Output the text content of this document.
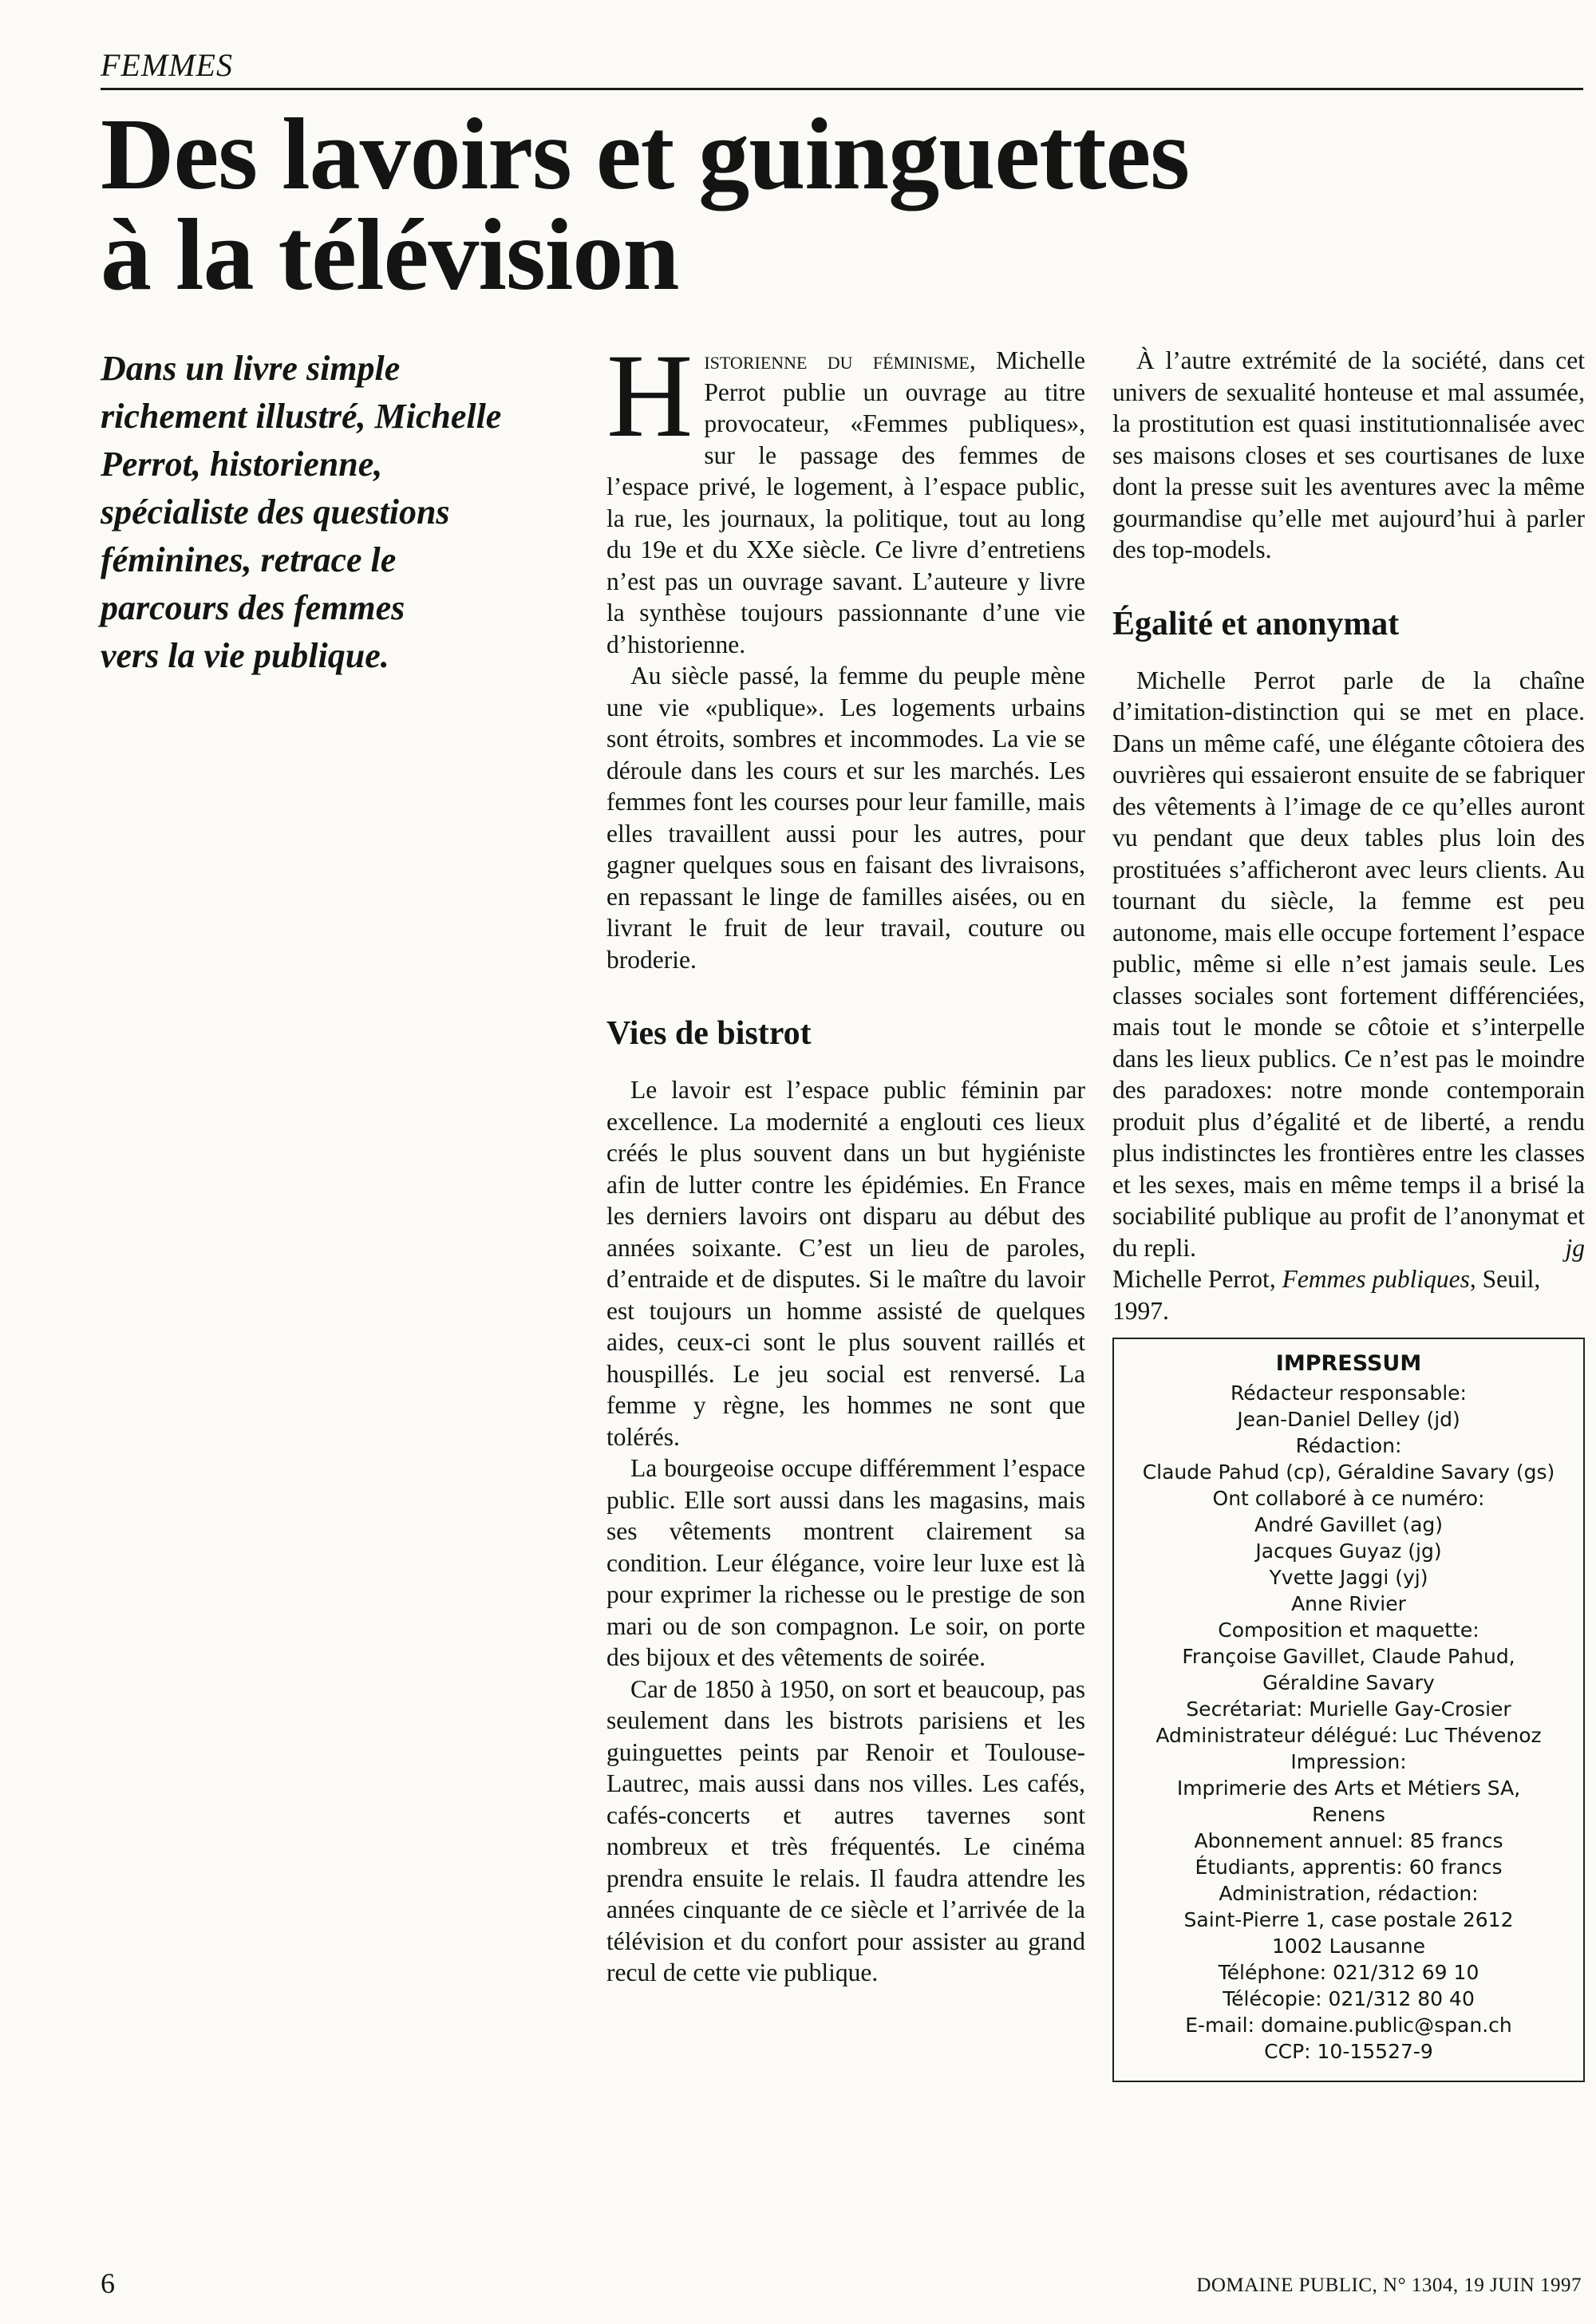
FEMMES
Des lavoirs et guinguettes
à la télévision
Dans un livre simple
richement illustré, Michelle
Perrot, historienne,
spécialiste des questions
féminines, retrace le
parcours des femmes
vers la vie publique.

Historienne du féminisme, Michelle Perrot publie un ouvrage au titre provocateur, «Femmes publiques», sur le passage des femmes de l’espace privé, le logement, à l’espace public, la rue, les journaux, la politique, tout au long du 19e et du XXe siècle. Ce livre d’entretiens n’est pas un ouvrage savant. L’auteure y livre la synthèse toujours passionnante d’une vie d’historienne.

Au siècle passé, la femme du peuple mène une vie «publique». Les logements urbains sont étroits, sombres et incommodes. La vie se déroule dans les cours et sur les marchés. Les femmes font les courses pour leur famille, mais elles travaillent aussi pour les autres, pour gagner quelques sous en faisant des livraisons, en repassant le linge de familles aisées, ou en livrant le fruit de leur travail, couture ou broderie.

Vies de bistrot

Le lavoir est l’espace public féminin par excellence. La modernité a englouti ces lieux créés le plus souvent dans un but hygiéniste afin de lutter contre les épidémies. En France les derniers lavoirs ont disparu au début des années soixante. C’est un lieu de paroles, d’entraide et de disputes. Si le maître du lavoir est toujours un homme assisté de quelques aides, ceux-ci sont le plus souvent raillés et houspillés. Le jeu social est renversé. La femme y règne, les hommes ne sont que tolérés.

La bourgeoise occupe différemment l’espace public. Elle sort aussi dans les magasins, mais ses vêtements montrent clairement sa condition. Leur élégance, voire leur luxe est là pour exprimer la richesse ou le prestige de son mari ou de son compagnon. Le soir, on porte des bijoux et des vêtements de soirée.

Car de 1850 à 1950, on sort et beaucoup, pas seulement dans les bistrots parisiens et les guinguettes peints par Renoir et Toulouse-Lautrec, mais aussi dans nos villes. Les cafés, cafés-concerts et autres tavernes sont nombreux et très fréquentés. Le cinéma prendra ensuite le relais. Il faudra attendre les années cinquante de ce siècle et l’arrivée de la télévision et du confort pour assister au grand recul de cette vie publique.

À l’autre extrémité de la société, dans cet univers de sexualité honteuse et mal assumée, la prostitution est quasi institutionnalisée avec ses maisons closes et ses courtisanes de luxe dont la presse suit les aventures avec la même gourmandise qu’elle met aujourd’hui à parler des top-models.

Égalité et anonymat

Michelle Perrot parle de la chaîne d’imitation-distinction qui se met en place. Dans un même café, une élégante côtoiera des ouvrières qui essaieront ensuite de se fabriquer des vêtements à l’image de ce qu’elles auront vu pendant que deux tables plus loin des prostituées s’afficheront avec leurs clients. Au tournant du siècle, la femme est peu autonome, mais elle occupe fortement l’espace public, même si elle n’est jamais seule. Les classes sociales sont fortement différenciées, mais tout le monde se côtoie et s’interpelle dans les lieux publics. Ce n’est pas le moindre des paradoxes: notre monde contemporain produit plus d’égalité et de liberté, a rendu plus indistinctes les frontières entre les classes et les sexes, mais en même temps il a brisé la sociabilité publique au profit de l’anonymat et du repli.	jg

Michelle Perrot, Femmes publiques, Seuil, 1997.

IMPRESSUM
Rédacteur responsable:
Jean-Daniel Delley (jd)
Rédaction:
Claude Pahud (cp), Géraldine Savary (gs)
Ont collaboré à ce numéro:
André Gavillet (ag)
Jacques Guyaz (jg)
Yvette Jaggi (yj)
Anne Rivier
Composition et maquette:
Françoise Gavillet, Claude Pahud,
Géraldine Savary
Secrétariat: Murielle Gay-Crosier
Administrateur délégué: Luc Thévenoz
Impression:
Imprimerie des Arts et Métiers SA,
Renens
Abonnement annuel: 85 francs
Étudiants, apprentis: 60 francs
Administration, rédaction:
Saint-Pierre 1, case postale 2612
1002 Lausanne
Téléphone: 021/312 69 10
Télécopie: 021/312 80 40
E-mail: domaine.public@span.ch
CCP: 10-15527-9
6	DOMAINE PUBLIC, N° 1304, 19 JUIN 1997
